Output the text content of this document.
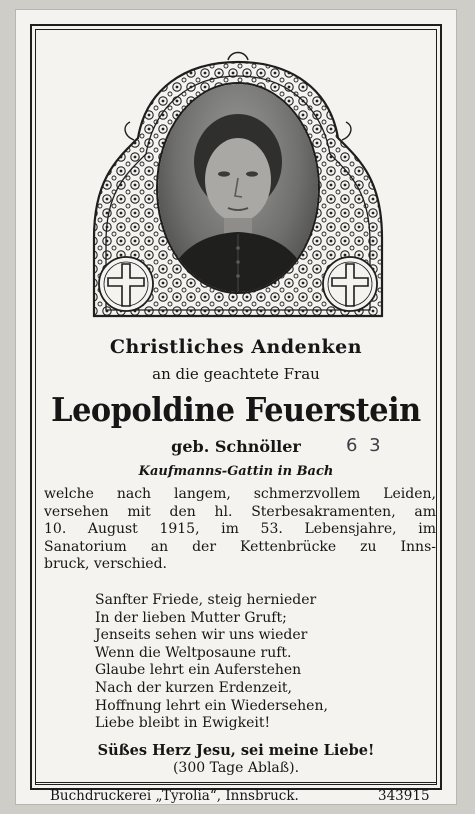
Christliches Andenken
an die geachtete Frau
Leopoldine Feuerstein
geb. Schnöller	6 3
Kaufmanns-Gattin in Bach
welche nach langem, schmerzvollem Leiden,
versehen mit den hl. Sterbesakramenten, am
10. August 1915, im 53. Lebensjahre, im
Sanatorium an der Kettenbrücke zu Inns-
bruck, verschied.
Sanfter Friede, steig hernieder
In der lieben Mutter Gruft;
Jenseits sehen wir uns wieder
Wenn die Weltposaune ruft.
Glaube lehrt ein Auferstehen
Nach der kurzen Erdenzeit,
Hoffnung lehrt ein Wiedersehen,
Liebe bleibt in Ewigkeit!
Süßes Herz Jesu, sei meine Liebe!
(300 Tage Ablaß).
Buchdruckerei „Tyrolia“, Innsbruck.	343915
